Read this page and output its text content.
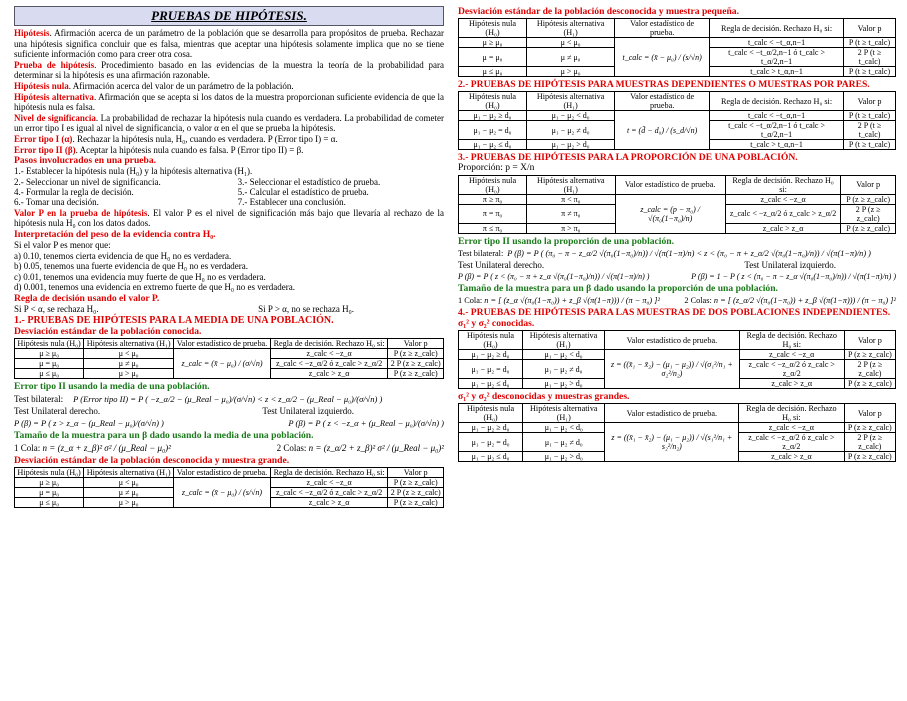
PRUEBAS DE HIPÓTESIS.

Hipótesis. Afirmación acerca de un parámetro de la población que se desarrolla para propósitos de prueba. Rechazar una hipótesis significa concluir que es falsa, mientras que aceptar una hipótesis solamente implica que no se tiene suficiente información como para creer otra cosa.

Prueba de hipótesis. Procedimiento basado en las evidencias de la muestra la teoría de la probabilidad para determinar si la hipótesis es una afirmación razonable.

Hipótesis nula. Afirmación acerca del valor de un parámetro de la población.

Hipótesis alternativa. Afirmación que se acepta si los datos de la muestra proporcionan suficiente evidencia de que la hipótesis nula es falsa.

Nivel de significancia. La probabilidad de rechazar la hipótesis nula cuando es verdadera. La probabilidad de cometer un error tipo I es igual al nivel de significancia, o valor α en el que se prueba la hipótesis.

Error tipo I (α). Rechazar la hipótesis nula, H₀, cuando es verdadera. P (Error tipo I) = α.

Error tipo II (β). Aceptar la hipótesis nula cuando es falsa. P (Error tipo II) = β.

Pasos involucrados en una prueba.

1.- Establecer la hipótesis nula (H₀) y la hipótesis alternativa (H₁).
2.- Seleccionar un nivel de significancia.
4.- Formular la regla de decisión.
6.- Tomar una decisión.
3.- Seleccionar el estadístico de prueba.
5.- Calcular el estadístico de prueba.
7.- Establecer una conclusión.

Valor P en la prueba de hipótesis. El valor P es el nivel de significación más bajo que llevaría al rechazo de la hipótesis nula H₀ con los datos dados.

Interpretación del peso de la evidencia contra H₀.

Si el valor P es menor que:
a) 0.10, tenemos cierta evidencia de que H₀ no es verdadera.
b) 0.05, tenemos una fuerte evidencia de que H₀ no es verdadera.
c) 0.01, tenemos una evidencia muy fuerte de que H₀ no es verdadera.
d) 0.001, tenemos una evidencia en extremo fuerte de que H₀ no es verdadera.

Regla de decisión usando el valor P.

Si P < α, se rechaza H₀.	Si P > α, no se rechaza H₀.

1.- PRUEBAS DE HIPÓTESIS PARA LA MEDIA DE UNA POBLACIÓN.

Desviación estándar de la población conocida.

Hipótesis nula (H₀)	Hipótesis alternativa (H₁)	Valor estadístico de prueba.	Regla de decisión. Rechazo H₀ si:	Valor p
μ ≥ μ₀	μ < μ₀	z_calc = (x̄ − μ₀) / (σ/√n)	z_calc < −z_α	P (z ≥ z_calc)
μ = μ₀	μ ≠ μ₀		z_calc < −z_α/2 ó z_calc > z_α/2	2 P (z ≥ z_calc)
μ ≤ μ₀	μ > μ₀		z_calc > z_α	P (z ≥ z_calc)

Error tipo II usando la media de una población.

Test bilateral: P (Error tipo II) = P ( −z_α/2 − (μ_Real − μ₀)/(σ/√n) < z < z_α/2 − (μ_Real − μ₀)/(σ/√n) )
Test Unilateral derecho.	Test Unilateral izquierdo.
P (β) = P ( z > z_α − (μ_Real − μ₀)/(σ/√n) )	P (β) = P ( z < −z_α + (μ_Real − μ₀)/(σ/√n) )

Tamaño de la muestra para un β dado usando la media de una población.

1 Cola: n = (z_α + z_β)² σ² / (μ_Real − μ₀)²	2 Colas: n = (z_α/2 + z_β)² σ² / (μ_Real − μ₀)²

Desviación estándar de la población desconocida y muestra grande.

Hipótesis nula (H₀)	Hipótesis alternativa (H₁)	Valor estadístico de prueba.	Regla de decisión. Rechazo H₀ si:	Valor p
μ ≥ μ₀	μ < μ₀	z_calc = (x̄ − μ₀) / (s/√n)	z_calc < −z_α	P (z ≥ z_calc)
μ = μ₀	μ ≠ μ₀		z_calc < −z_α/2 ó z_calc > z_α/2	2 P (z ≥ z_calc)
μ ≤ μ₀	μ > μ₀		z_calc > z_α	P (z ≥ z_calc)

Desviación estándar de la población desconocida y muestra pequeña.

Hipótesis nula (H₀)	Hipótesis alternativa (H₁)	Valor estadístico de prueba.	Regla de decisión. Rechazo H₀ si:	Valor p
μ ≥ μ₀	μ < μ₀	t_calc = (x̄ − μ₀) / (s/√n)	t_calc < −t_α,n−1	P (t ≥ t_calc)
μ = μ₀	μ ≠ μ₀		t_calc < −t_α/2,n−1 ó t_calc > t_α/2,n−1	2 P (t ≥ t_calc)
μ ≤ μ₀	μ > μ₀		t_calc > t_α,n−1	P (t ≥ t_calc)

2.- PRUEBAS DE HIPÓTESIS PARA MUESTRAS DEPENDIENTES O MUESTRAS POR PARES.

Hipótesis nula (H₀)	Hipótesis alternativa (H₁)	Valor estadístico de prueba.	Regla de decisión. Rechazo H₀ si:	Valor p
μ₁ − μ₂ ≥ d₀	μ₁ − μ₂ < d₀	t = (d̄ − d₀) / (s_d/√n)	t_calc < −t_α,n−1	P (t ≥ t_calc)
μ₁ − μ₂ = d₀	μ₁ − μ₂ ≠ d₀		t_calc < −t_α/2,n−1 ó t_calc > t_α/2,n−1	2 P (t ≥ t_calc)
μ₁ − μ₂ ≤ d₀	μ₁ − μ₂ > d₀		t_calc > t_α,n−1	P (t ≥ t_calc)

3.- PRUEBAS DE HIPÓTESIS PARA LA PROPORCIÓN DE UNA POBLACIÓN.

Proporción: p = X/n
Hipótesis nula (H₀)	Hipótesis alternativa (H₁)	Valor estadístico de prueba.	Regla de decisión. Rechazo H₀ si:	Valor p
π ≥ π₀	π < π₀	z_calc = (p − π₀) / √(π₀(1−π₀)/n)	z_calc < −z_α	P (z ≥ z_calc)
π = π₀	π ≠ π₀		z_calc < −z_α/2 ó z_calc > z_α/2	2 P (z ≥ z_calc)
π ≤ π₀	π > π₀		z_calc > z_α	P (z ≥ z_calc)

Error tipo II usando la proporción de una población.

Test bilateral: P (β) = P ( (π₀ − π − z_α/2 √(π₀(1−π₀)/n)) / √(π(1−π)/n) < z < (π₀ − π + z_α/2 √(π₀(1−π₀)/n)) / √(π(1−π)/n) )
Test Unilateral derecho.	Test Unilateral izquierdo.
P (β) = P ( z < (π₀ − π + z_α √(π₀(1−π₀)/n)) / √(π(1−π)/n) )	P (β) = 1 − P ( z < (π₀ − π − z_α √(π₀(1−π₀)/n)) / √(π(1−π)/n) )

Tamaño de la muestra para un β dado usando la proporción de una población.

1 Cola: n = [ (z_α √(π₀(1−π₀)) + z_β √(π(1−π))) / (π − π₀) ]²	2 Colas: n = [ (z_α/2 √(π₀(1−π₀)) + z_β √(π(1−π))) / (π − π₀) ]²

4.- PRUEBAS DE HIPÓTESIS PARA LAS MUESTRAS DE DOS POBLACIONES INDEPENDIENTES.

σ₁² y σ₂² conocidas.

Hipótesis nula (H₀)	Hipótesis alternativa (H₁)	Valor estadístico de prueba.	Regla de decisión. Rechazo H₀ si:	Valor p
μ₁ − μ₂ ≥ d₀	μ₁ − μ₂ < d₀	z = ((x̄₁ − x̄₂) − (μ₁ − μ₂)) / √(σ₁²/n₁ + σ₂²/n₂)	z_calc < −z_α	P (z ≥ z_calc)
μ₁ − μ₂ = d₀	μ₁ − μ₂ ≠ d₀		z_calc < −z_α/2 ó z_calc > z_α/2	2 P (z ≥ z_calc)
μ₁ − μ₂ ≤ d₀	μ₁ − μ₂ > d₀		z_calc > z_α	P (z ≥ z_calc)

σ₁² y σ₂² desconocidas y muestras grandes.

Hipótesis nula (H₀)	Hipótesis alternativa (H₁)	Valor estadístico de prueba.	Regla de decisión. Rechazo H₀ si:	Valor p
μ₁ − μ₂ ≥ d₀	μ₁ − μ₂ < d₀	z = ((x̄₁ − x̄₂) − (μ₁ − μ₂)) / √(s₁²/n₁ + s₂²/n₂)	z_calc < −z_α	P (z ≥ z_calc)
μ₁ − μ₂ = d₀	μ₁ − μ₂ ≠ d₀		z_calc < −z_α/2 ó z_calc > z_α/2	2 P (z ≥ z_calc)
μ₁ − μ₂ ≤ d₀	μ₁ − μ₂ > d₀		z_calc > z_α	P (z ≥ z_calc)
